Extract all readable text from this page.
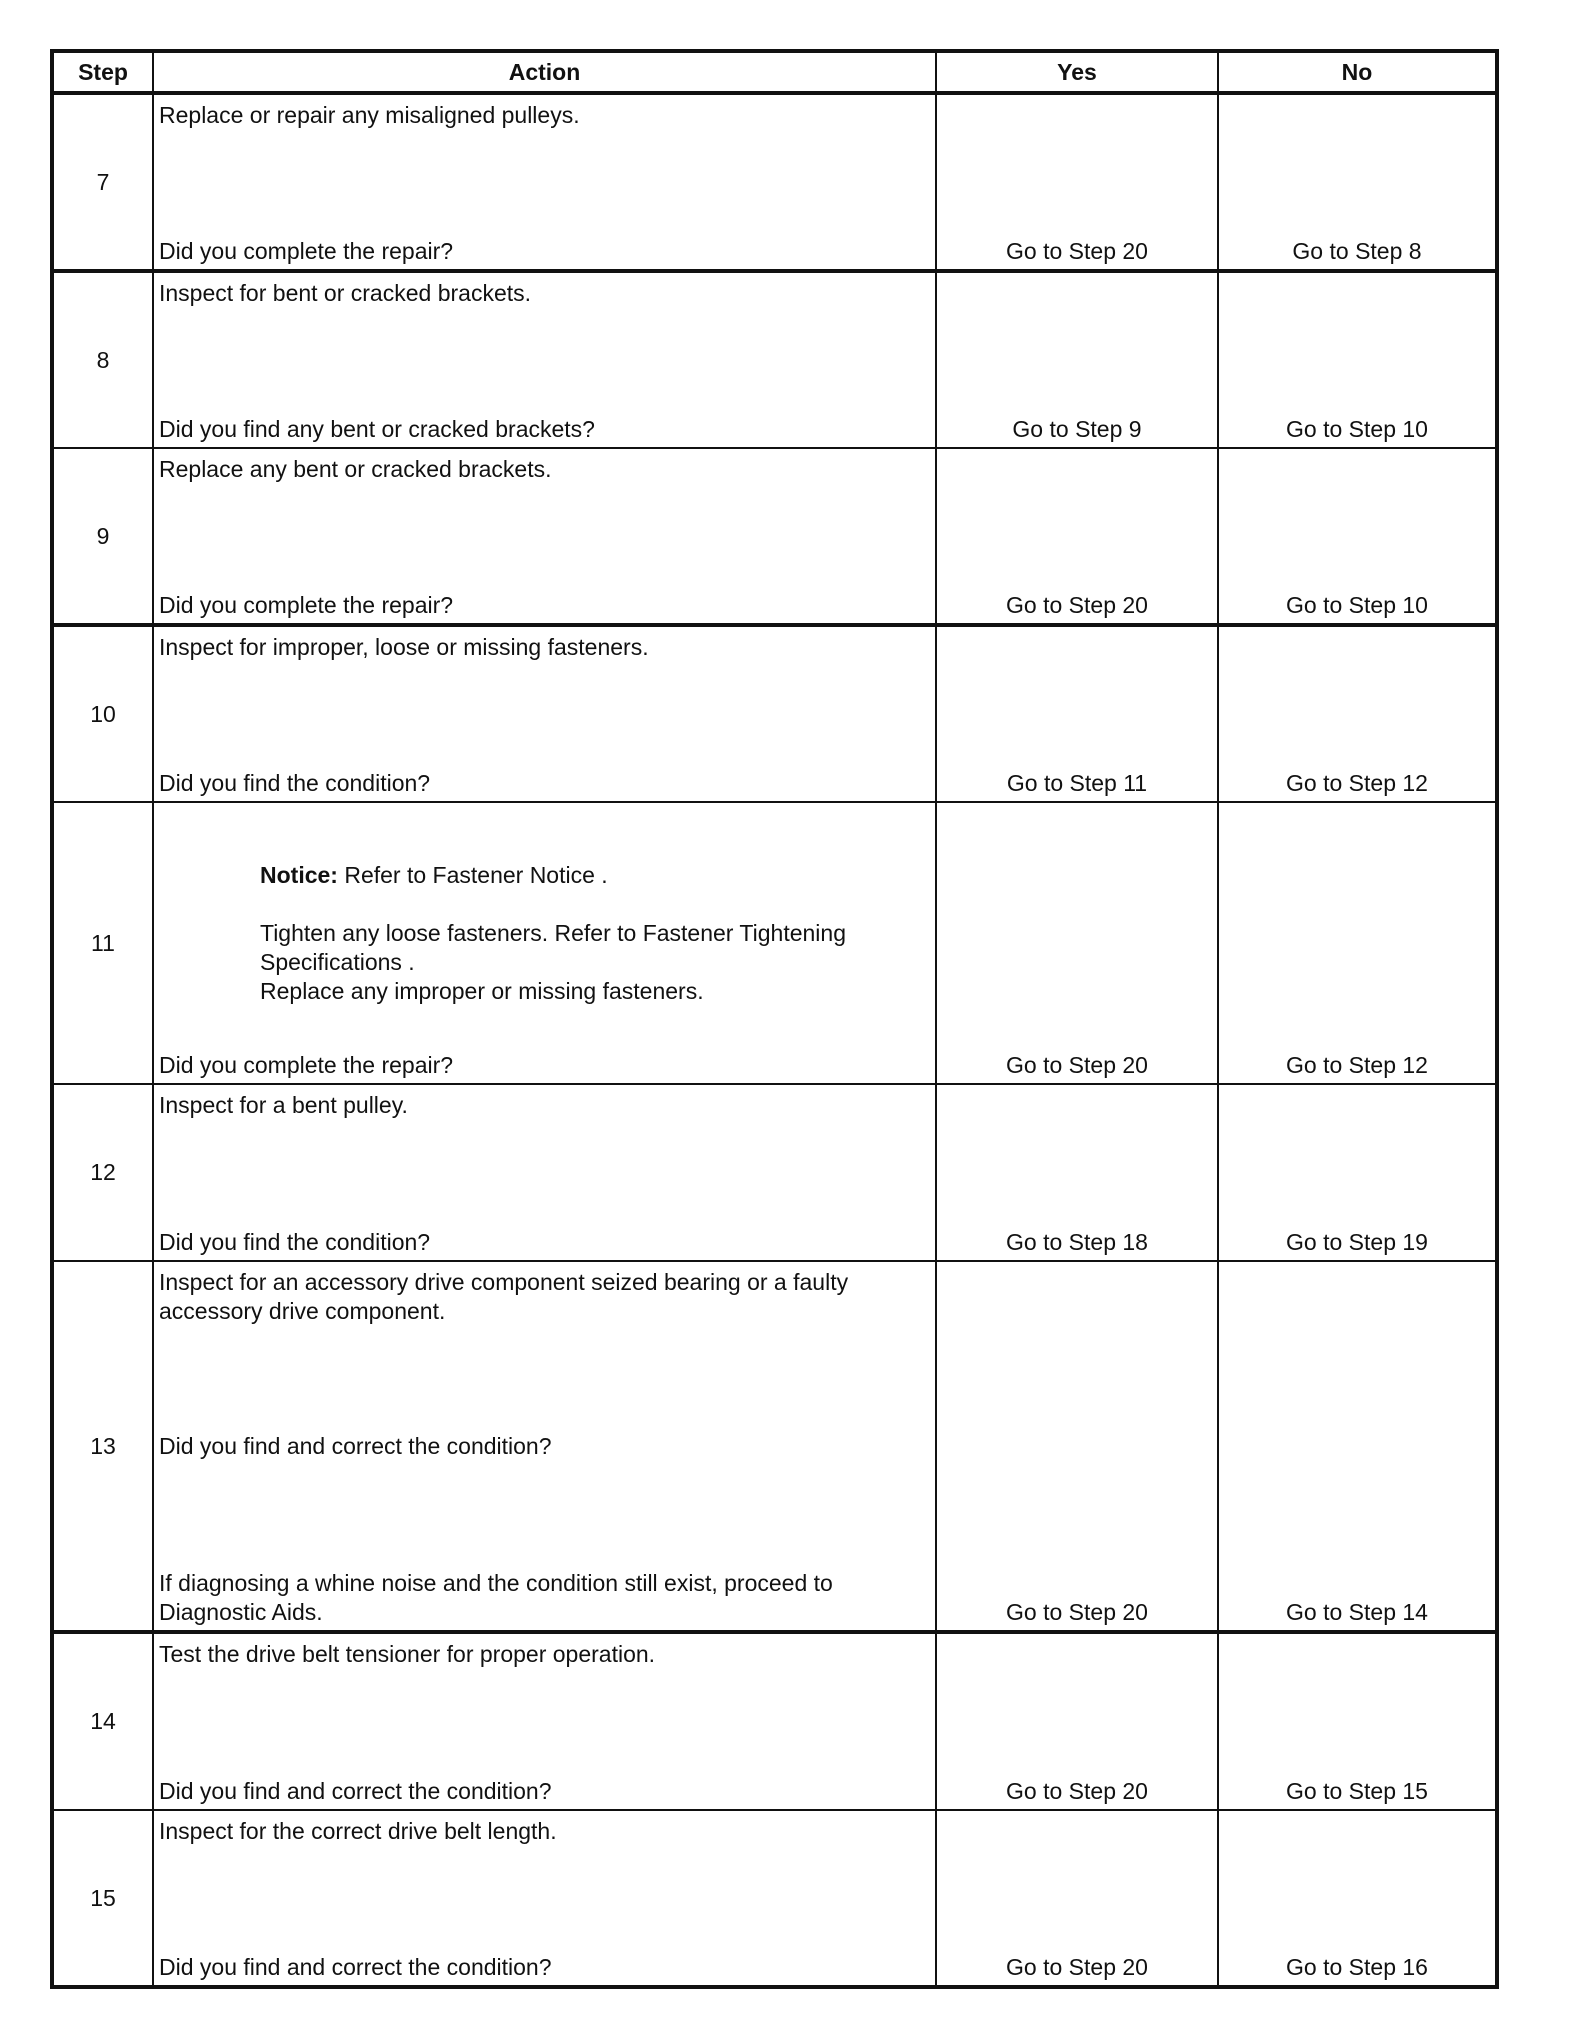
Step	Action	Yes	No
7	Replace or repair any misaligned pulleys.
Did you complete the repair?	Go to Step 20	Go to Step 8

8	Inspect for bent or cracked brackets.
Did you find any bent or cracked brackets?	Go to Step 9	Go to Step 10

9	Replace any bent or cracked brackets.
Did you complete the repair?	Go to Step 20	Go to Step 10

10	Inspect for improper, loose or missing fasteners.
Did you find the condition?	Go to Step 11	Go to Step 12

11	Notice: Refer to Fastener Notice .
Tighten any loose fasteners. Refer to Fastener Tightening Specifications .
Replace any improper or missing fasteners.
Did you complete the repair?	Go to Step 20	Go to Step 12

12	Inspect for a bent pulley.
Did you find the condition?	Go to Step 18	Go to Step 19

13	Inspect for an accessory drive component seized bearing or a faulty accessory drive component.
Did you find and correct the condition?
If diagnosing a whine noise and the condition still exist, proceed to Diagnostic Aids.	Go to Step 20	Go to Step 14

14	Test the drive belt tensioner for proper operation.
Did you find and correct the condition?	Go to Step 20	Go to Step 15

15	Inspect for the correct drive belt length.
Did you find and correct the condition?	Go to Step 20	Go to Step 16
